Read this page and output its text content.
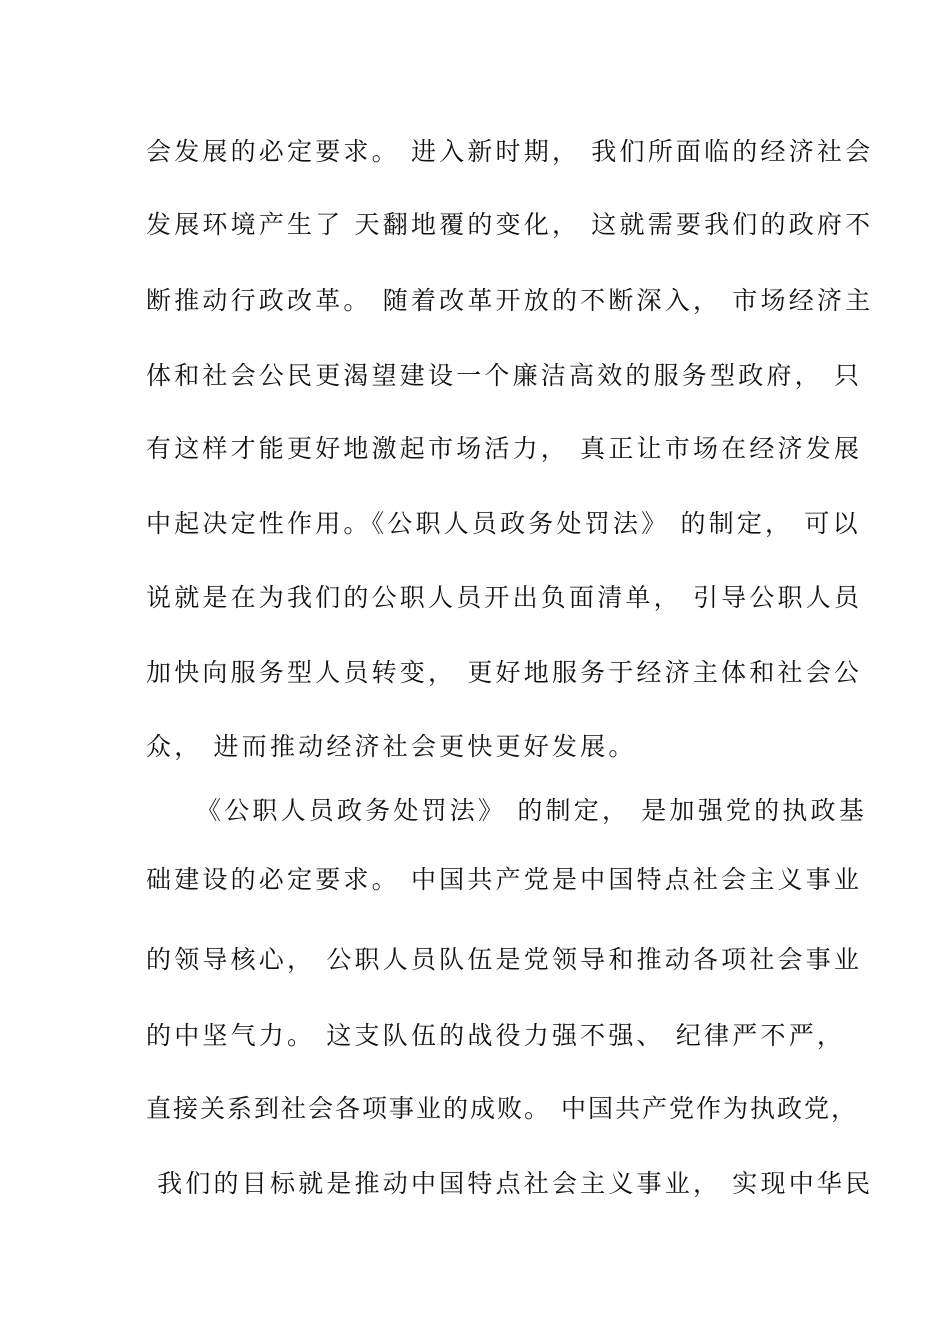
会发展的必定要求。 进入新时期， 我们所面临的经济社会
发展环境产生了 天翻地覆的变化， 这就需要我们的政府不
断推动行政改革。 随着改革开放的不断深入， 市场经济主
体和社会公民更渴望建设一个廉洁高效的服务型政府， 只
有这样才能更好地激起市场活力， 真正让市场在经济发展
中起决定性作用。《公职人员政务处罚法》 的制定， 可以
说就是在为我们的公职人员开出负面清单， 引导公职人员
加快向服务型人员转变， 更好地服务于经济主体和社会公
众， 进而推动经济社会更快更好发展。
《公职人员政务处罚法》 的制定， 是加强党的执政基
础建设的必定要求。 中国共产党是中国特点社会主义事业
的领导核心， 公职人员队伍是党领导和推动各项社会事业
的中坚气力。 这支队伍的战役力强不强、 纪律严不严，
直接关系到社会各项事业的成败。 中国共产党作为执政党，
我们的目标就是推动中国特点社会主义事业， 实现中华民
